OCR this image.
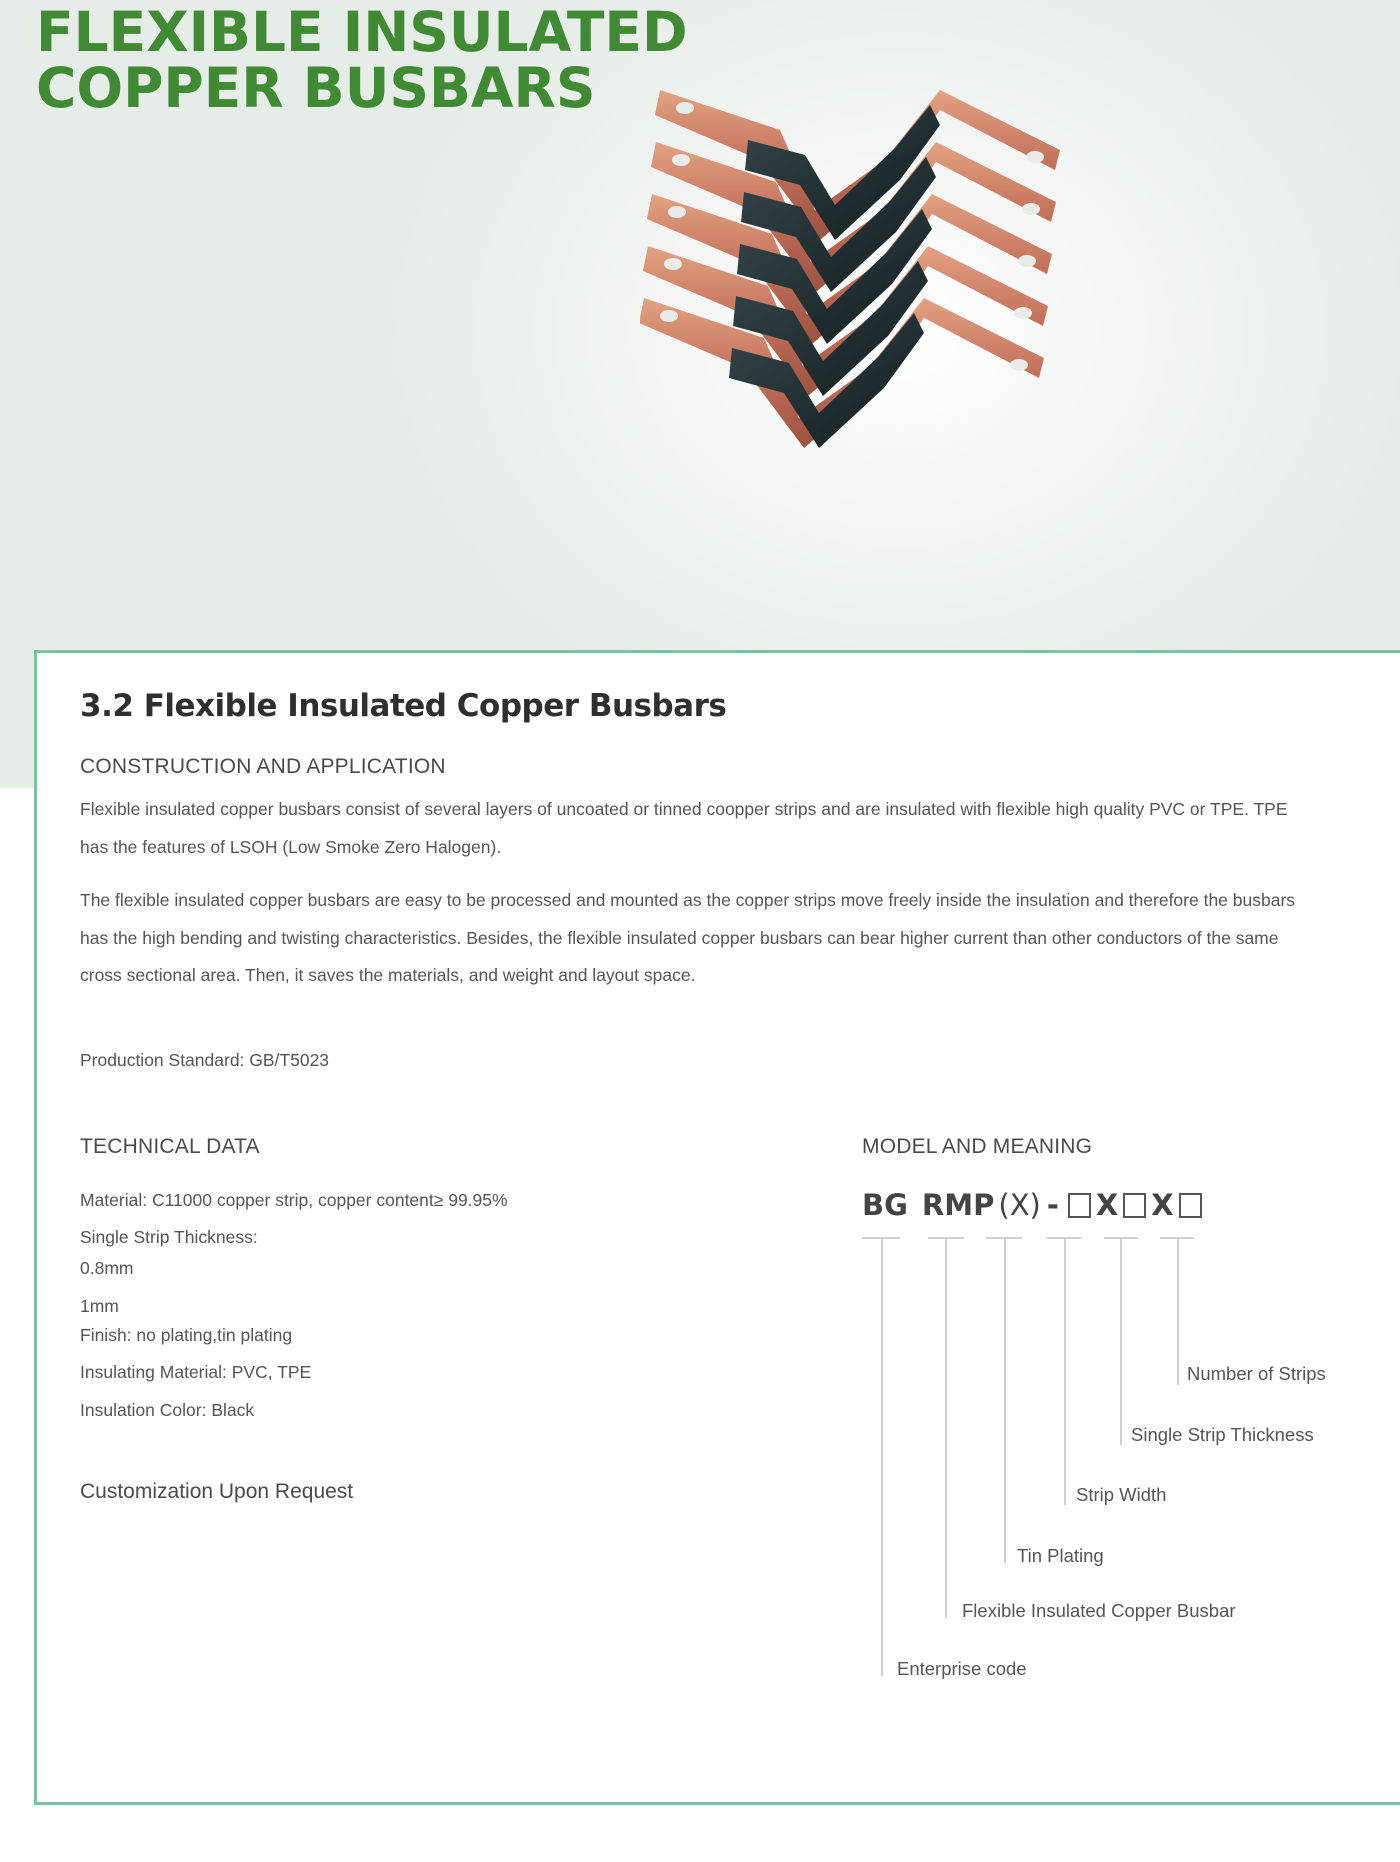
FLEXIBLE INSULATED
COPPER BUSBARS
3.2 Flexible Insulated Copper Busbars
CONSTRUCTION AND APPLICATION

Flexible insulated copper busbars consist of several layers of uncoated or tinned coopper strips and are insulated with flexible high quality PVC or TPE. TPE

has the features of LSOH (Low Smoke Zero Halogen).

The flexible insulated copper busbars are easy to be processed and mounted as the copper strips move freely inside the insulation and therefore the busbars

has the high bending and twisting characteristics. Besides, the flexible insulated copper busbars can bear higher current than other conductors of the same

cross sectional area. Then, it saves the materials, and weight and layout space.

Production Standard: GB/T5023
TECHNICAL DATA
Material: C11000 copper strip, copper content≥ 99.95%
Single Strip Thickness:
0.8mm
1mm
Finish: no plating,tin plating
Insulating Material: PVC, TPE
Insulation Color: Black
Customization Upon Request
MODEL AND MEANING
BG RMP (X) - X X
Number of Strips
Single Strip Thickness
Strip Width
Tin Plating
Flexible Insulated Copper Busbar
Enterprise code
